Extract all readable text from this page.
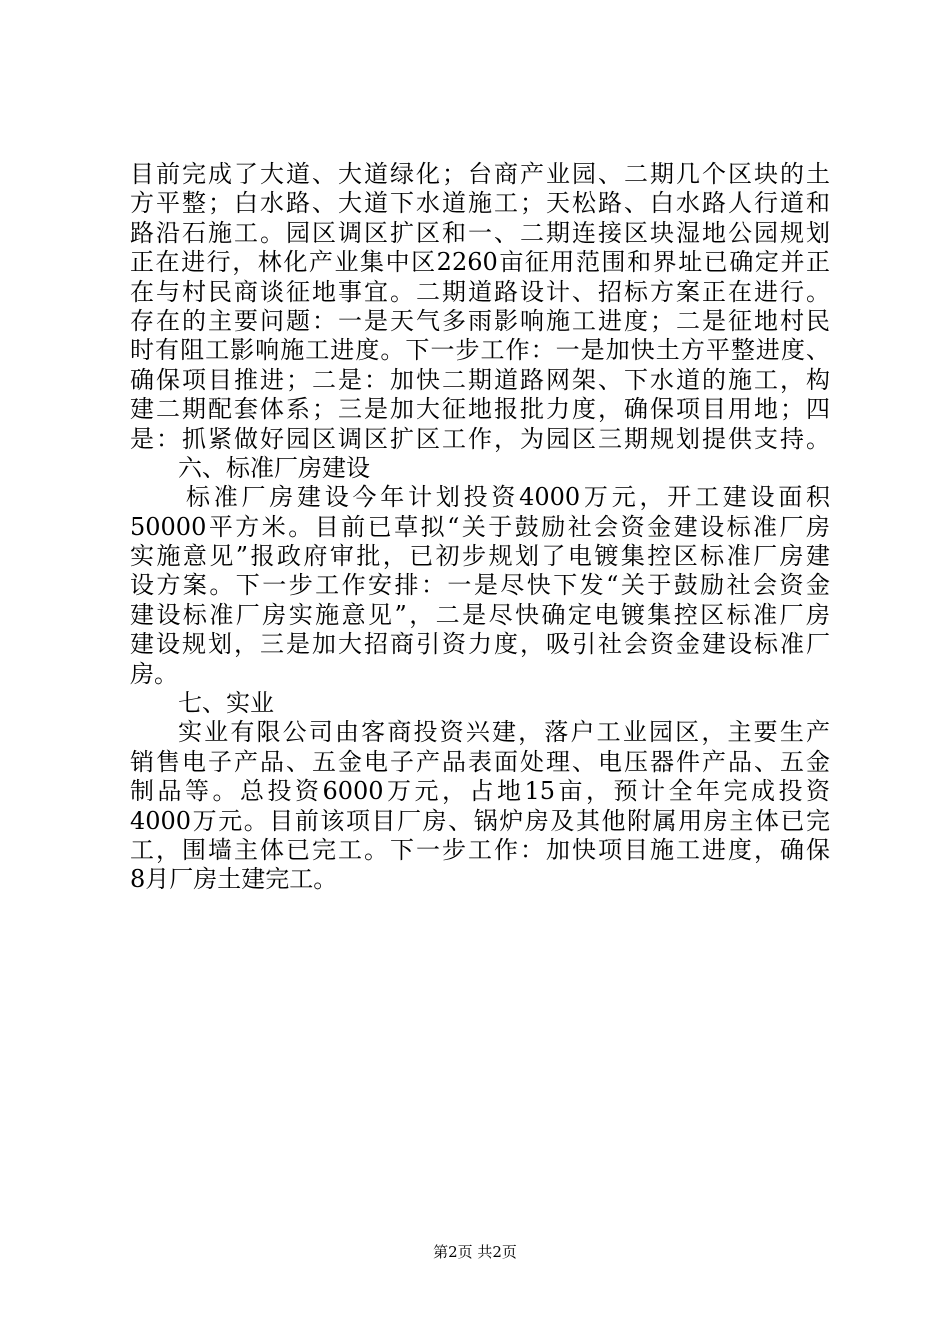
目前完成了大道、大道绿化；台商产业园、二期几个区块的土
方平整；白水路、大道下水道施工；天松路、白水路人行道和
路沿石施工。园区调区扩区和一、二期连接区块湿地公园规划
正在进行，林化产业集中区2260亩征用范围和界址已确定并正
在与村民商谈征地事宜。二期道路设计、招标方案正在进行。
存在的主要问题：一是天气多雨影响施工进度；二是征地村民
时有阻工影响施工进度。下一步工作：一是加快土方平整进度、
确保项目推进；二是：加快二期道路网架、下水道的施工，构
建二期配套体系；三是加大征地报批力度，确保项目用地；四
是：抓紧做好园区调区扩区工作，为园区三期规划提供支持。
六、标准厂房建设
标准厂房建设今年计划投资4000万元，开工建设面积
50000平方米。目前已草拟“关于鼓励社会资金建设标准厂房
实施意见”报政府审批，已初步规划了电镀集控区标准厂房建
设方案。下一步工作安排：一是尽快下发“关于鼓励社会资金
建设标准厂房实施意见”，二是尽快确定电镀集控区标准厂房
建设规划，三是加大招商引资力度，吸引社会资金建设标准厂
房。
七、实业
实业有限公司由客商投资兴建，落户工业园区，主要生产
销售电子产品、五金电子产品表面处理、电压器件产品、五金
制品等。总投资6000万元，占地15亩，预计全年完成投资
4000万元。目前该项目厂房、锅炉房及其他附属用房主体已完
工，围墙主体已完工。下一步工作：加快项目施工进度，确保
8月厂房土建完工。
第2页 共2页
